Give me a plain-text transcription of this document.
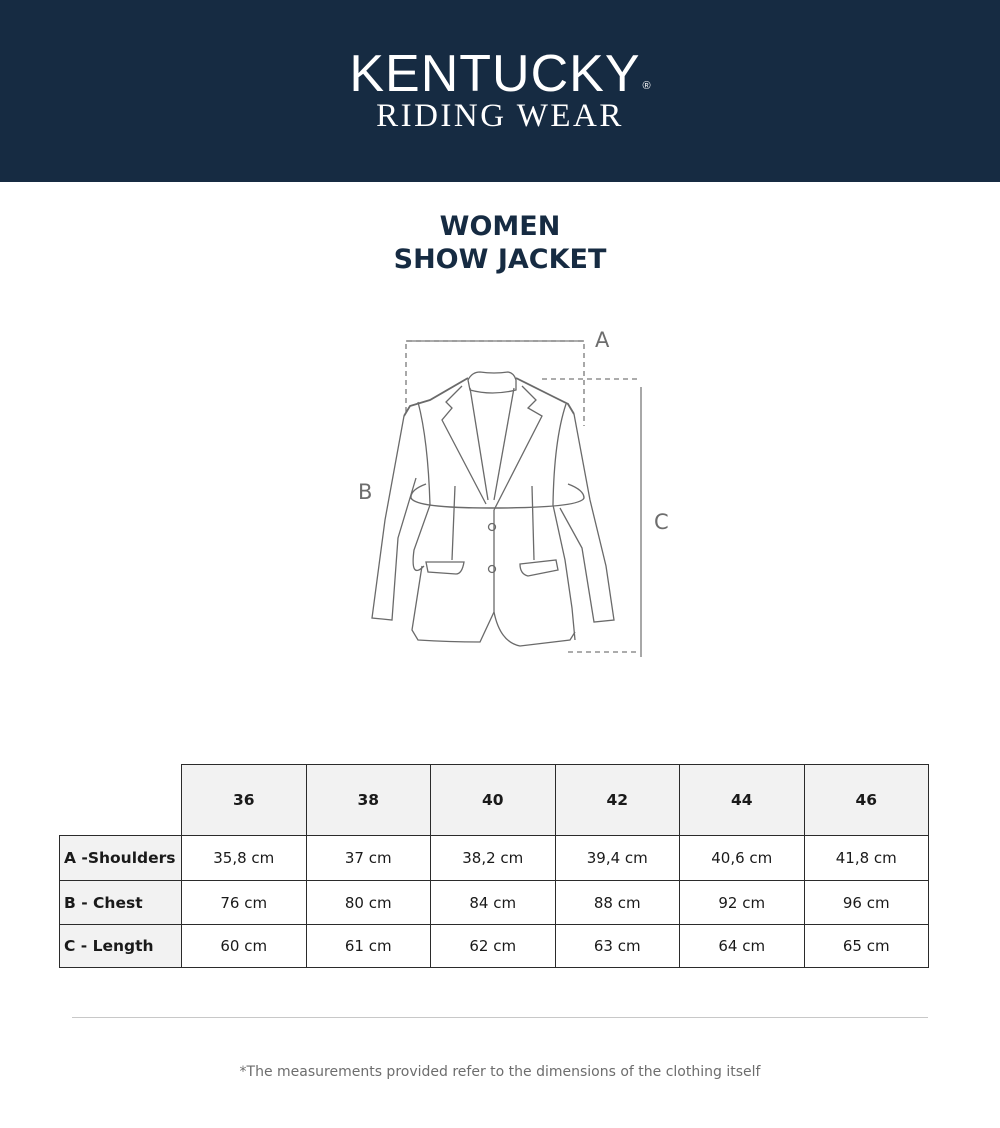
KENTUCKY ®
RIDING WEAR
WOMEN
SHOW JACKET
A
B
C
	36	38	40	42	44	46
A -Shoulders	35,8 cm	37 cm	38,2 cm	39,4 cm	40,6 cm	41,8 cm
B - Chest	76 cm	80 cm	84 cm	88 cm	92 cm	96 cm
C - Length	60 cm	61 cm	62 cm	63 cm	64 cm	65 cm
*The measurements provided refer to the dimensions of the clothing itself
